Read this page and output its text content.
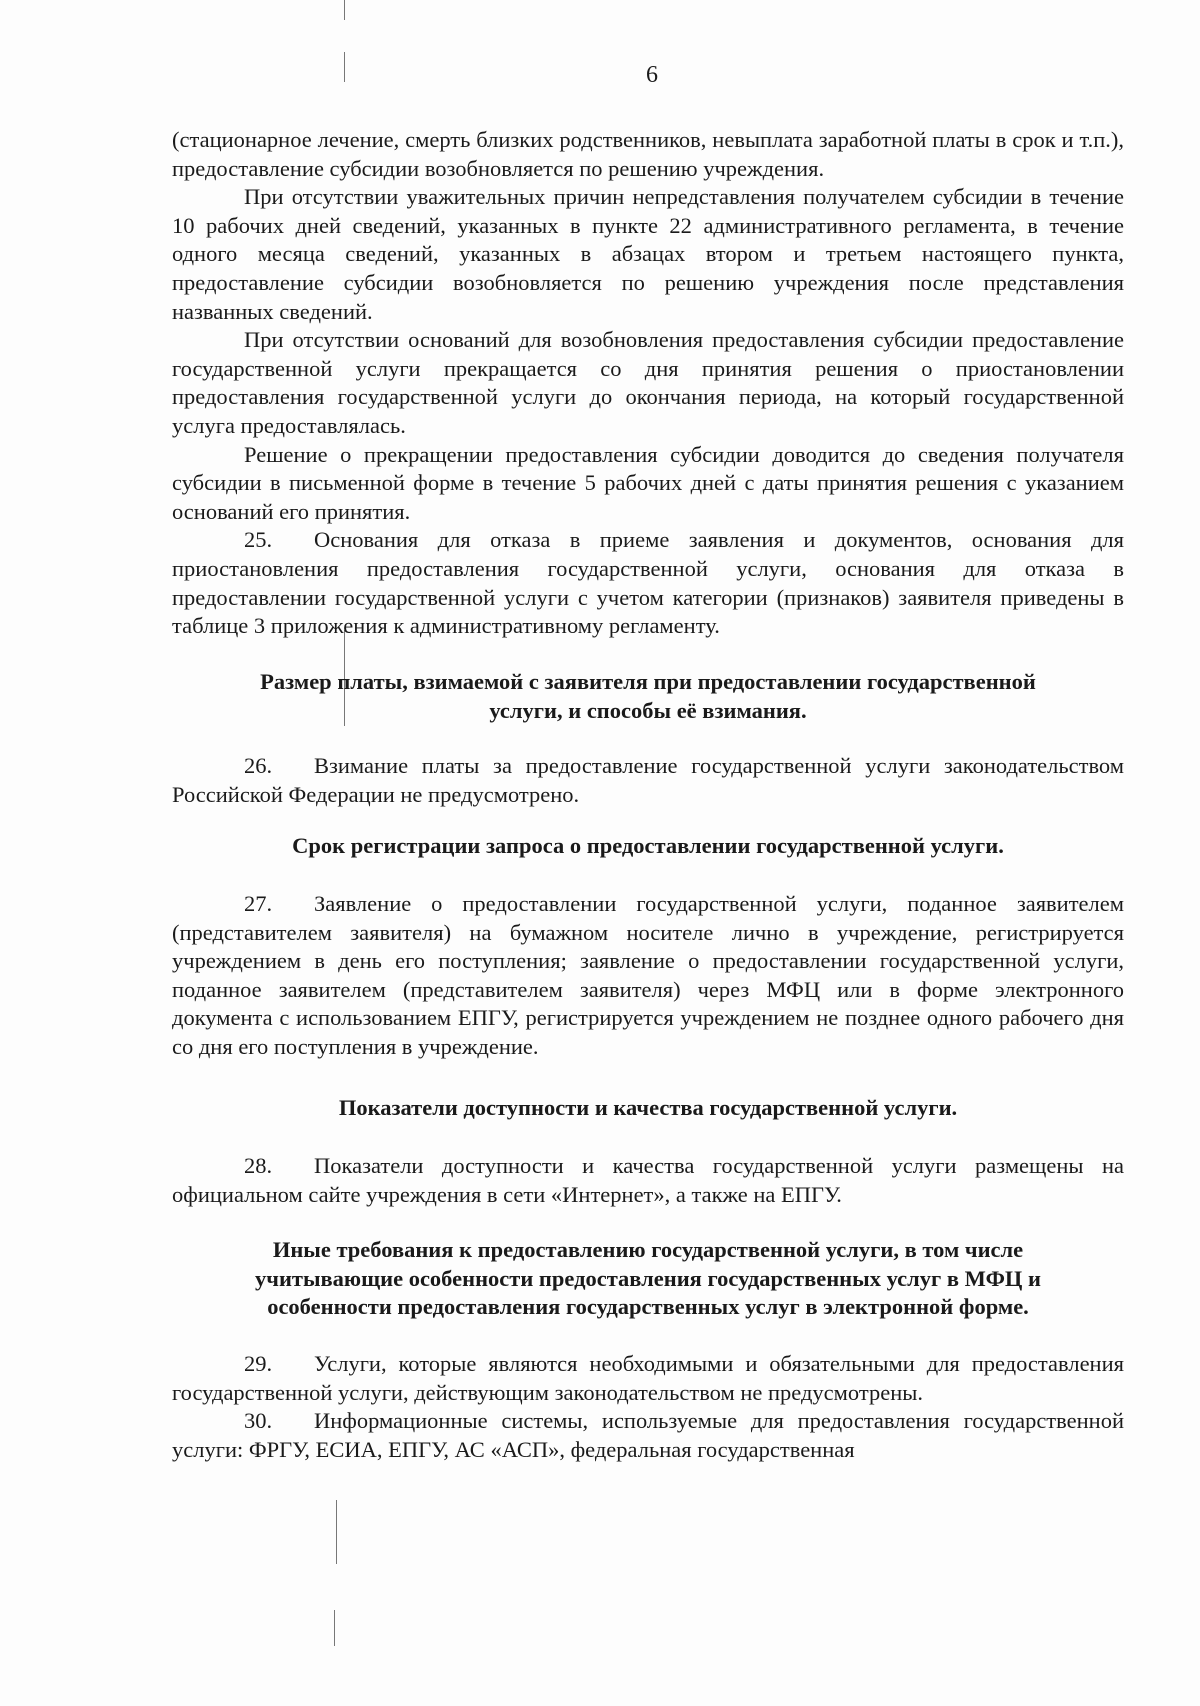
6

(стационарное лечение, смерть близких родственников, невыплата заработной платы в срок и т.п.), предоставление субсидии возобновляется по решению учреждения.

При отсутствии уважительных причин непредставления получателем субсидии в течение 10 рабочих дней сведений, указанных в пункте 22 административного регламента, в течение одного месяца сведений, указанных в абзацах втором и третьем настоящего пункта, предоставление субсидии возобновляется по решению учреждения после представления названных сведений.

При отсутствии оснований для возобновления предоставления субсидии предоставление государственной услуги прекращается со дня принятия решения о приостановлении предоставления государственной услуги до окончания периода, на который государственной услуга предоставлялась.

Решение о прекращении предоставления субсидии доводится до сведения получателя субсидии в письменной форме в течение 5 рабочих дней с даты принятия решения с указанием оснований его принятия.

25. Основания для отказа в приеме заявления и документов, основания для приостановления предоставления государственной услуги, основания для отказа в предоставлении государственной услуги с учетом категории (признаков) заявителя приведены в таблице 3 приложения к административному регламенту.

Размер платы, взимаемой с заявителя при предоставлении государственной
услуги, и способы её взимания.

26. Взимание платы за предоставление государственной услуги законодательством Российской Федерации не предусмотрено.

Срок регистрации запроса о предоставлении государственной услуги.

27. Заявление о предоставлении государственной услуги, поданное заявителем (представителем заявителя) на бумажном носителе лично в учреждение, регистрируется учреждением в день его поступления; заявление о предоставлении государственной услуги, поданное заявителем (представителем заявителя) через МФЦ или в форме электронного документа с использованием ЕПГУ, регистрируется учреждением не позднее одного рабочего дня со дня его поступления в учреждение.

Показатели доступности и качества государственной услуги.

28. Показатели доступности и качества государственной услуги размещены на официальном сайте учреждения в сети «Интернет», а также на ЕПГУ.

Иные требования к предоставлению государственной услуги, в том числе
учитывающие особенности предоставления государственных услуг в МФЦ и
особенности предоставления государственных услуг в электронной форме.

29. Услуги, которые являются необходимыми и обязательными для предоставления государственной услуги, действующим законодательством не предусмотрены.

30. Информационные системы, используемые для предоставления государственной услуги: ФРГУ, ЕСИА, ЕПГУ, АС «АСП», федеральная государственная
